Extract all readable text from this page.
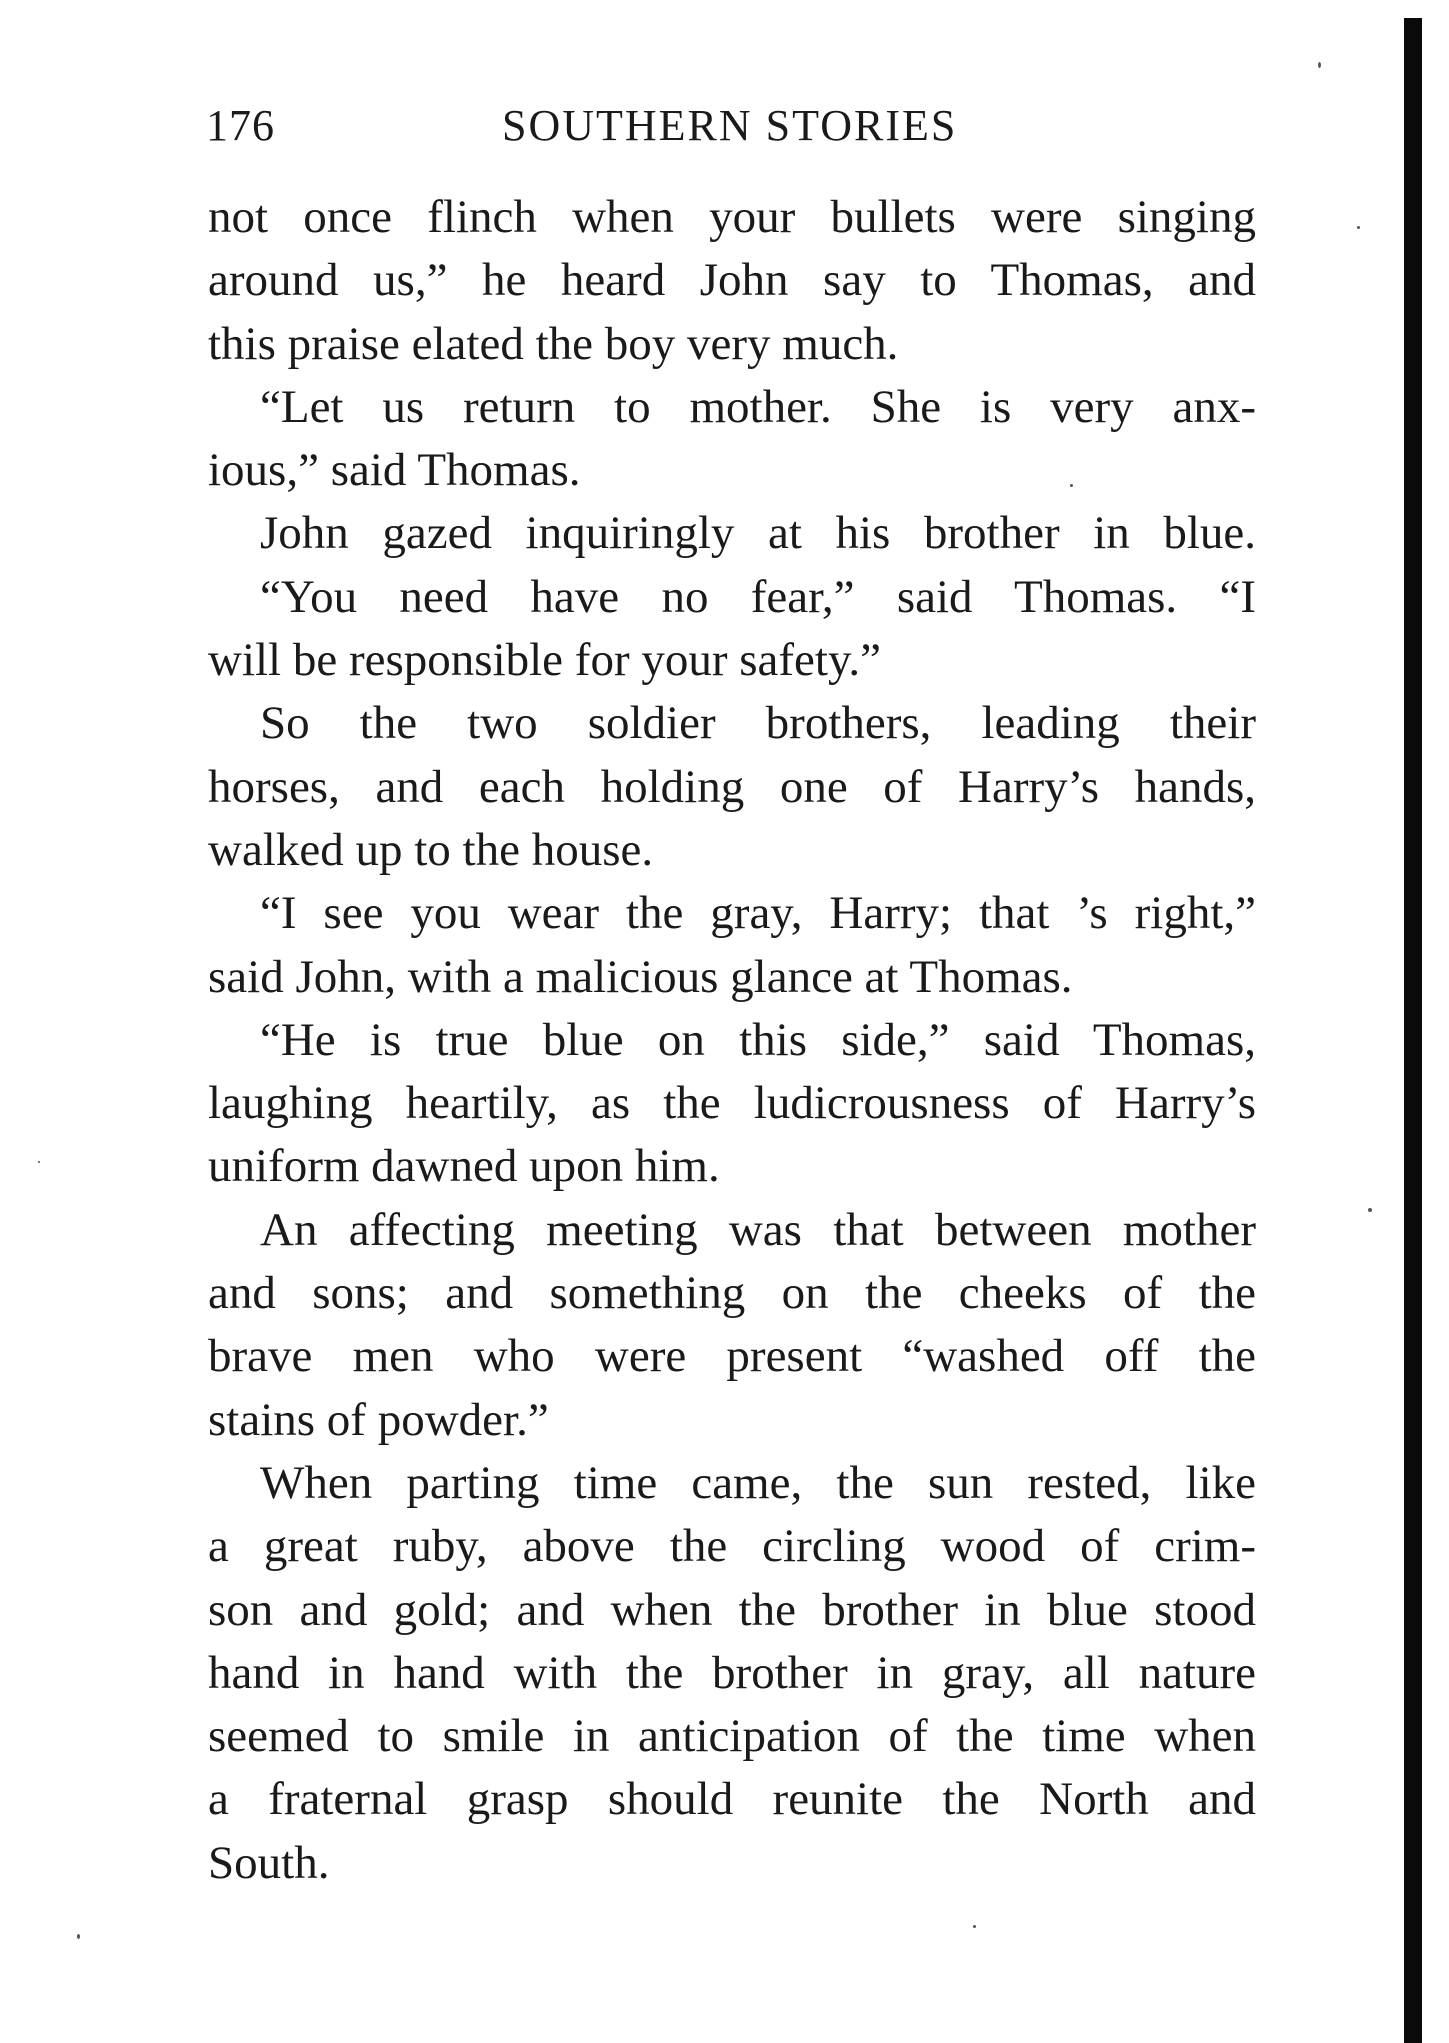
176	SOUTHERN STORIES
not once flinch when your bullets were singing
around us,” he heard John say to Thomas, and
this praise elated the boy very much.
“Let us return to mother. She is very anx-
ious,” said Thomas.
John gazed inquiringly at his brother in blue.
“You need have no fear,” said Thomas. “I
will be responsible for your safety.”
So the two soldier brothers, leading their
horses, and each holding one of Harry’s hands,
walked up to the house.
“I see you wear the gray, Harry; that ’s right,”
said John, with a malicious glance at Thomas.
“He is true blue on this side,” said Thomas,
laughing heartily, as the ludicrousness of Harry’s
uniform dawned upon him.
An affecting meeting was that between mother
and sons; and something on the cheeks of the
brave men who were present “washed off the
stains of powder.”
When parting time came, the sun rested, like
a great ruby, above the circling wood of crim-
son and gold; and when the brother in blue stood
hand in hand with the brother in gray, all nature
seemed to smile in anticipation of the time when
a fraternal grasp should reunite the North and
South.
